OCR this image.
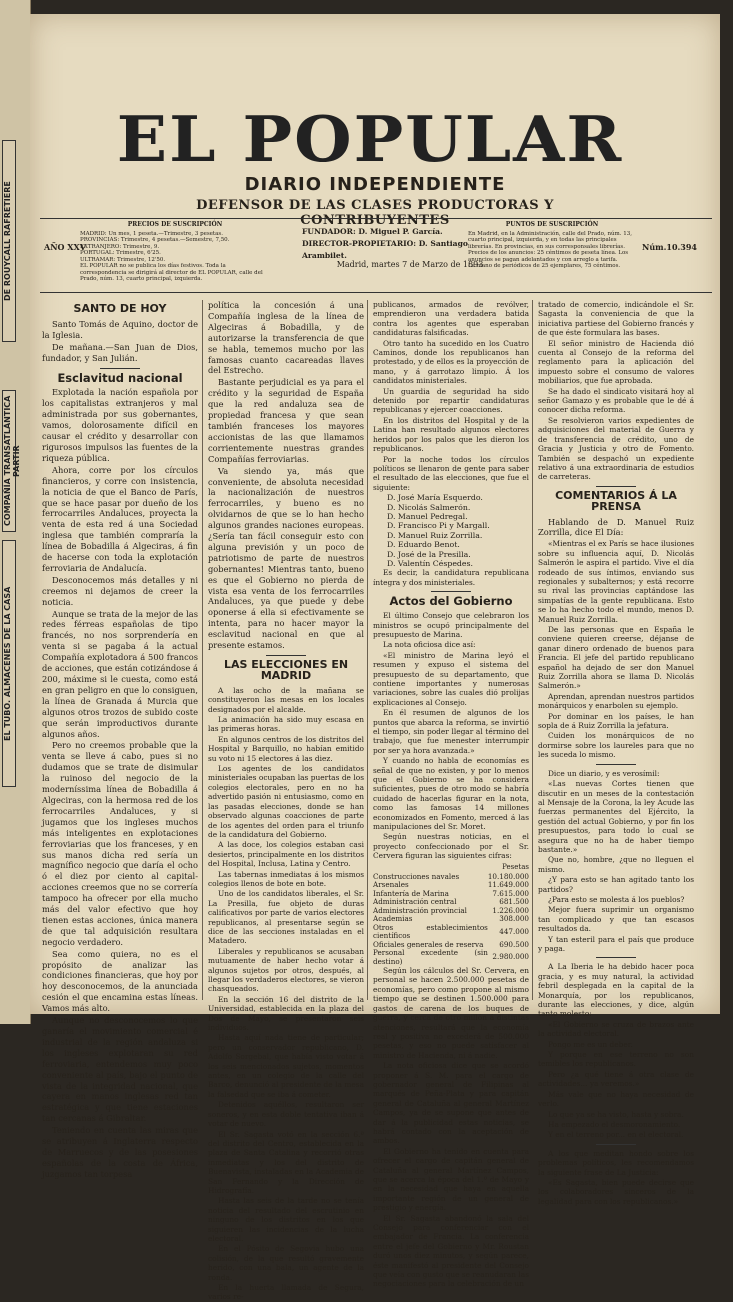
DE ROUYCALL RAFRETIERE
COMPAÑÍA TRANSATLÁNTICA PARTIR
EL TUBO. ALMACENES DE LA CASA
EL POPULAR
DIARIO INDEPENDIENTE
DEFENSOR DE LAS CLASES PRODUCTORAS Y CONTRIBUYENTES
PRECIOS DE SUSCRIPCIÓN
MADRID: Un mes, 1 peseta.—Trimestre, 3 pesetas.
PROVINCIAS: Trimestre, 4 pesetas.—Semestre, 7,50.
EXTRANJERO: Trimestre, 9.
PORTUGAL: Trimestre, 6'25.
ULTRAMAR: Trimestre, 12'50.
EL POPULAR no se publica los días festivos. Toda la correspondencia se dirigirá al director de EL POPULAR, calle del Prado, núm. 13, cuarto principal, izquierda.
AÑO XXV
FUNDADOR: D. Miguel P. García.
DIRECTOR-PROPIETARIO: D. Santiago Arambilet.
Madrid, martes 7 de Marzo de 1893
PUNTOS DE SUSCRIPCIÓN
En Madrid, en la Administración, calle del Prado, núm. 13, cuarto principal, izquierda, y en todas las principales librerías. En provincias, en sus corresponsales librerías.
Precios de los anuncios: 25 céntimos de peseta línea. Los anuncios se pagan adelantados y con arreglo a tarifa.
La mano de periódicos de 25 ejemplares, 75 céntimos.
Núm.10.394
SANTO DE HOY

Santo Tomás de Aquino, doctor de la Iglesia.

De mañana.—San Juan de Dios, fundador, y San Julián.

Esclavitud nacional

Explotada la nación española por los capitalistas extranjeros y mal administrada por sus gobernantes, vamos, dolorosamente difícil en causar el crédito y desarrollar con rigurosos impulsos las fuentes de la riqueza pública.

Ahora, corre por los círculos financieros, y corre con insistencia, la noticia de que el Banco de París, que se hace pasar por dueño de los ferrocarriles Andaluces, proyecta la venta de esta red á una Sociedad inglesa que también compraría la línea de Bobadilla á Algeciras, á fin de hacerse con toda la explotación ferroviaria de Andalucía.

Desconocemos más detalles y ni creemos ni dejamos de creer la noticia.

Aunque se trata de la mejor de las redes férreas españolas de tipo francés, no nos sorprendería en venta si se pagaba á la actual Compañía explotadora á 500 francos de acciones, que están cotizándose á 200, máxime si le cuesta, como está en gran peligro en que lo consiguen, la línea de Granada á Murcia que algunos otros trozos de subido coste que serán improductivos durante algunos años.

Pero no creemos probable que la venta se lleve á cabo, pues si no dudamos que se trate de disimular la ruinoso del negocio de la moderníssima línea de Bobadilla á Algeciras, con la hermosa red de los ferrocarriles Andaluces, y si jugamos que los ingleses muchos más inteligentes en explotaciones ferroviarias que los franceses, y en sus manos dicha red sería un magnífico negocio que daría el ocho ó el diez por ciento al capital-acciones creemos que no se correría tampoco ha ofrecer por ella mucho más del valor efectivo que hoy tienen estas acciones, única manera de que tal adquisición resultara negocio verdadero.

Sea como quiera, no es el propósito de analizar las condiciones financieras, que hoy por hoy desconocemos, de la anunciada cesión el que encamina estas líneas. Vamos más alto.

Aunque no desconocemos lo que ganaría el movimiento comercial é industrial de la región andaluza si los ingleses explotaran su red ferroviaria, entendemos muy poco conveniente al país, bajo el punto de vista de la integridad nacional, que cayera en manos inglesas red tan estratégica y que tiene estaciones tan cercanas á Gibraltar.

Teniendo en cuenta las miras que se atribuyen á Inglaterra respecto de Marruecos y de las posesiones españolas de la costa de África, juzgamos tan torpesa

política la concesión á una Compañía inglesa de la línea de Algeciras á Bobadilla, y de autorizarse la transferencia de que se habla, tememos mucho por las famosas cuanto cacareadas llaves del Estrecho.

Bastante perjudicial es ya para el crédito y la seguridad de España que la red andaluza sea de propiedad francesa y que sean también franceses los mayores accionistas de las que llamamos corrientemente nuestras grandes Compañías ferroviarias.

Va siendo ya, más que conveniente, de absoluta necesidad la nacionalización de nuestros ferrocarriles, y bueno es no olvidarnos de que se lo han hecho algunos grandes naciones europeas. ¿Sería tan fácil conseguir esto con alguna previsión y un poco de patriotismo de parte de nuestros gobernantes! Mientras tanto, bueno es que el Gobierno no pierda de vista esa venta de los ferrocarriles Andaluces, ya que puede y debe oponerse á ella si efectivamente se intenta, para no hacer mayor la esclavitud nacional en que al presente estamos.

LAS ELECCIONES EN MADRID

A las ocho de la mañana se constituyeron las mesas en los locales designados por el alcalde.

La animación ha sido muy escasa en las primeras horas.

En algunos centros de los distritos del Hospital y Barquillo, no habían emitido su voto ni 15 electores á las diez.

Los agentes de los candidatos ministeriales ocupaban las puertas de los colegios electorales, pero en no ha advertido pasión ni entusiasmo, como en las pasadas elecciones, donde se han observado algunas coacciones de parte de los agentes del orden para el triunfo de la candidatura del Gobierno.

A las doce, los colegios estaban casi desiertos, principalmente en los distritos del Hospital, Inclusa, Latina y Centro.

Las tabernas inmediatas á los mismos colegios llenos de bote en bote.

Uno de los candidatos liberales, el Sr. La Presilla, fue objeto de duras calificativos por parte de varios electores republicanos, al presentarse según se dice de las secciones instaladas en el Matadero.

Liberales y republicanos se acusaban mutuamente de haber hecho votar á algunos sujetos por otros, después, al llegar los verdaderos electores, se vieron chasqueados.

En la sección 16 del distrito de la Universidad, establecida en la plaza del Dos de Mayo, se presentaron seis individuos.

Hasta aquí nada tiene de particular; pero un conservador republicano, D. Adolfo Sorgebal, que había visto votar á los seis mencionados sujetos, momentos antes, en un colegio de la calle del Barco, denunció al presidente de la mesa la falsedad que se iba á cometer.

Detenidos aquéllos, resultaron ser soneros, y en esta doble tentativa iban á votar de nuevo.

El Sr. Sagasta votó en la sección 6.ª del distrito del Centro, establecida en la plaza de Santa Catalina y recorrió otras inmediatas y los del distrito de Buenavista, instaladas en la Academia de San Fernando y la Dirección de Hidrografía.

Hasta las seis de la tarde no se tenía noticia del resultado del escrutinio en ninguno de los distritos en los que siguieren las incidencias de la lucha electoral.

En el Pósito de Segovia hubo una colisión, de la que resultó gravemente herido, con una bala, un agente de la ronda.

En la huerta llamada de Segura, varios re-

publicanos, armados de revólver, emprendieron una verdadera batida contra los agentes que esperaban candidaturas falsificadas.

Otro tanto ha sucedido en los Cuatro Caminos, donde los republicanos han protestado, y de ellos es la proyección de mano, y á garrotazo limpio. Á los candidatos ministeriales.

Un guardia de seguridad ha sido detenido por repartir candidaturas republicanas y ejercer coacciones.

En los distritos del Hospital y de la Latina han resultado algunos electores heridos por los palos que les dieron los republicanos.

Por la noche todos los círculos políticos se llenaron de gente para saber el resultado de las elecciones, que fue el siguiente:

D. José María Esquerdo.
D. Nicolás Salmerón.
D. Manuel Pedregal.
D. Francisco Pi y Margall.
D. Manuel Ruiz Zorrilla.
D. Eduardo Benot.
D. José de la Presilla.
D. Valentín Céspedes.

Es decir, la candidatura republicana íntegra y dos ministeriales.

Actos del Gobierno

El último Consejo que celebraron los ministros se ocupó principalmente del presupuesto de Marina.

La nota oficiosa dice así:

«El ministro de Marina leyó el resumen y expuso el sistema del presupuesto de su departamento, que contiene importantes y numerosas variaciones, sobre las cuales dió prolijas explicaciones al Consejo.

En él resumen de algunos de los puntos que abarca la reforma, se invirtió el tiempo, sin poder llegar al término del trabajo, que fue menester interrumpir por ser ya hora avanzada.»

Y cuando no habla de economías es señal de que no existen, y por lo menos que el Gobierno se ha considera suficientes, pues de otro modo se habría cuidado de hacerlas figurar en la nota, como las famosas 14 millones economizados en Fomento, merced á las manipulaciones del Sr. Moret.

Según nuestras noticias, en el proyecto confeccionado por el Sr. Cervera figuran las siguientes cifras:

Pesetas
Construcciones navales	10.180.000
Arsenales	11.649.000
Infantería de Marina	7.615.000
Administración central	681.500
Administración provincial	1.226.000
Academias	308.000
Otros establecimientos científicos	447.000
Oficiales generales de reserva	690.500
Personal excedente (sin destino)	2.980.000

Según los cálculos del Sr. Cervera, en personal se hacen 2.500.000 pesetas de economías, pero como propone al mismo tiempo que se destinen 1.500.000 para gastos de carena de los buques de guerra, y cerca de otro millón á distintas atenciones, resultará que la economía real y positiva no excederá de 500.000 pesetas, y eso no puede satisfacer al ministro de Hacienda, ni á nadie.

La nota oficiosa dice que se acordó proponer á S. M. para el cargo de gobernador general de Filipinas al marqués de Peña-Plata y para capitán general de Cataluña al general Martínez Campos, ya de se supone que antes de dar á la publicidad estas noticias, se habrá contado con la aceptación de ambos.

El Gobierno ha tenido en cuenta para ofrecer el cargo de capitán general de Cataluña al general Martínez Campos, que se acerca la época del 1.º de Mayo y en la necesidad que haya en aquella importante región de un general de prestigio y energía.

El Sr. Sagasta abandonó la sala del Consejo para conferenciar con el embajador de Francia. La conferencia entre el jefe del Gobierno y Mr. Roustan duró unos diez minutos, y según parece, éste manifestó al presidente del Consejo que veía con gusto que se reanudaran las negociaciones para la celebración de un

tratado de comercio, indicándole el Sr. Sagasta la conveniencia de que la iniciativa partiese del Gobierno francés y de que éste formulara las bases.

El señor ministro de Hacienda dió cuenta al Consejo de la reforma del reglamento para la aplicación del impuesto sobre el consumo de valores mobiliarios, que fue aprobada.

Se ha dado el sindicato visitará hoy al señor Gamazo y es probable que le dé á conocer dicha reforma.

Se resolvieron varios expedientes de adquisiciones del material de Guerra y de transferencia de crédito, uno de Gracia y Justicia y otro de Fomento. También se despachó un expediente relativo á una extraordinaria de estudios de carreteras.

COMENTARIOS Á LA PRENSA

Hablando de D. Manuel Ruiz Zorrilla, dice El Día:

«Mientras el ex París se hace ilusiones sobre su influencia aquí, D. Nicolás Salmerón le aspira el partido. Vive el día rodeado de sus íntimos, enviando sus regionales y subalternos; y está recorre su rival las provincias captándose las simpatías de la gente republicana. Esto se lo ha hecho todo el mundo, menos D. Manuel Ruiz Zorrilla.

De las personas que en España le conviene quieren creerse, déjanse de ganar dinero ordenado de buenos para Francia. El jefe del partido republicano español ha dejado de ser don Manuel Ruiz Zorrilla ahora se llama D. Nicolás Salmerón.»

Aprendan, aprendan nuestros partidos monárquicos y enarbolen su ejemplo.

Por dominar en los países, le han sopla de á Ruiz Zorrilla la jefatura.

Cuiden los monárquicos de no dormirse sobre los laureles para que no les suceda lo mismo.

Dice un diario, y es verosímil:

«Las nuevas Cortes tienen que discutir en un meses de la contestación al Mensaje de la Corona, la ley Acude las fuerzas permanentes del Ejército, la gestión del actual Gobierno, y por fin los presupuestos, para todo lo cual se asegura que no ha de haber tiempo bastante.»

Que no, hombre, ¿que no lleguen el mismo.

¿Y para esto se han agitado tanto los partidos?

¿Para esto se molesta á los pueblos?

Mejor fuera suprimir un organismo tan complicado y que tan escasos resultados da.

Y tan esteril para el país que produce y paga.

A La Iberia le ha debido hacer poca gracia, y es muy natural, la actividad febril desplegada en la capital de la Monarquía, por los republicanos, durante las elecciones, y dice, algún tanto molesto:

«El Gobierno se cruza de brazos ante la actividad electoral.

Pongo me es un deber.

Y porque en ese terreno no son temibles los republicanos.

Pero ¿a qué tiene á otra clase de actividades... ya veremos.»

Más vale que no haya necesidad de verlo.

Lo que ya se ha visto, hasta y sobra.

Ha empezado el desmoronamiento.

Y en el terreno por... en el electoral.

A los que meditan hondo sobre los problemas políticos, les recomendamos la siguiente frase de La Justicia:

«Es Sagasta, bien puede decirse que los colaboradores sinceros de la legalidad para con los republicanos.»
